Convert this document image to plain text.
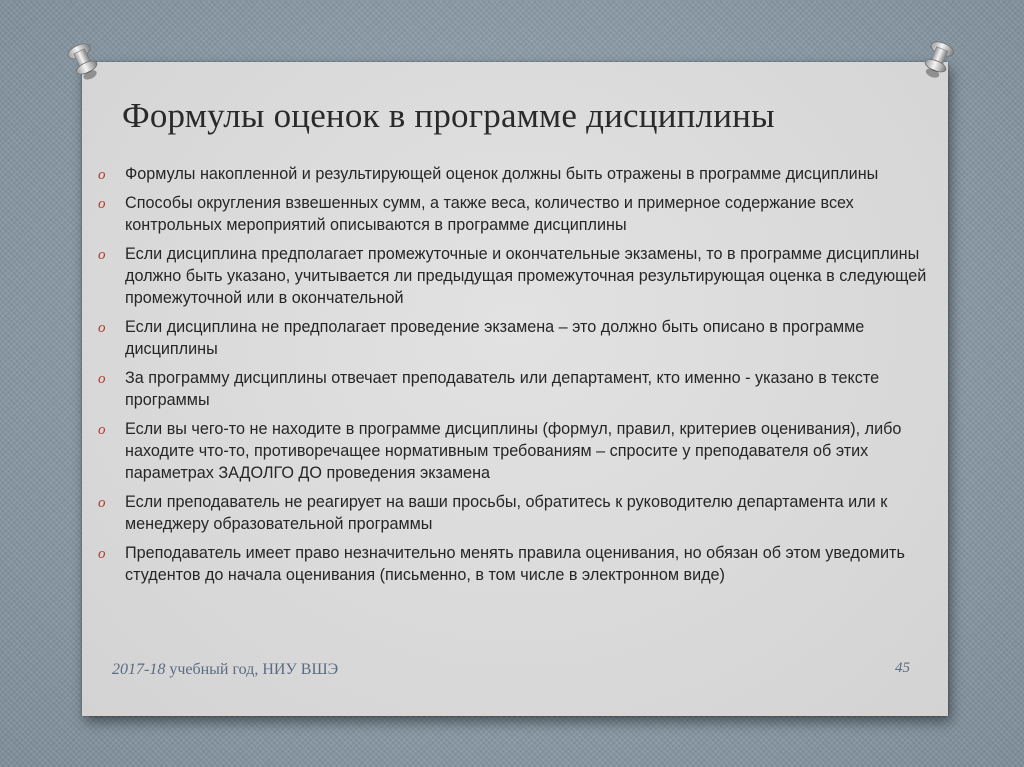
Формулы оценок в программе дисциплины
o Формулы накопленной и результирующей оценок должны быть отражены в программе дисциплины
o Способы округления взвешенных сумм, а также веса, количество и примерное содержание всех контрольных мероприятий описываются в программе дисциплины
o Если дисциплина предполагает промежуточные и окончательные экзамены, то в программе дисциплины должно быть указано, учитывается ли предыдущая промежуточная результирующая оценка в следующей промежуточной или в окончательной
o Если дисциплина не предполагает проведение экзамена – это должно быть описано в программе дисциплины
o За программу дисциплины отвечает преподаватель или департамент, кто именно - указано в тексте программы
o Если вы чего-то не находите в программе дисциплины (формул, правил, критериев оценивания), либо находите что-то, противоречащее нормативным требованиям – спросите у преподавателя об этих параметрах ЗАДОЛГО ДО проведения экзамена
o Если преподаватель не реагирует на ваши просьбы, обратитесь к руководителю департамента или к менеджеру образовательной программы
o Преподаватель имеет право незначительно менять правила оценивания, но обязан об этом уведомить студентов до начала оценивания (письменно, в том числе в электронном виде)
2017-18 учебный год, НИУ ВШЭ	45
